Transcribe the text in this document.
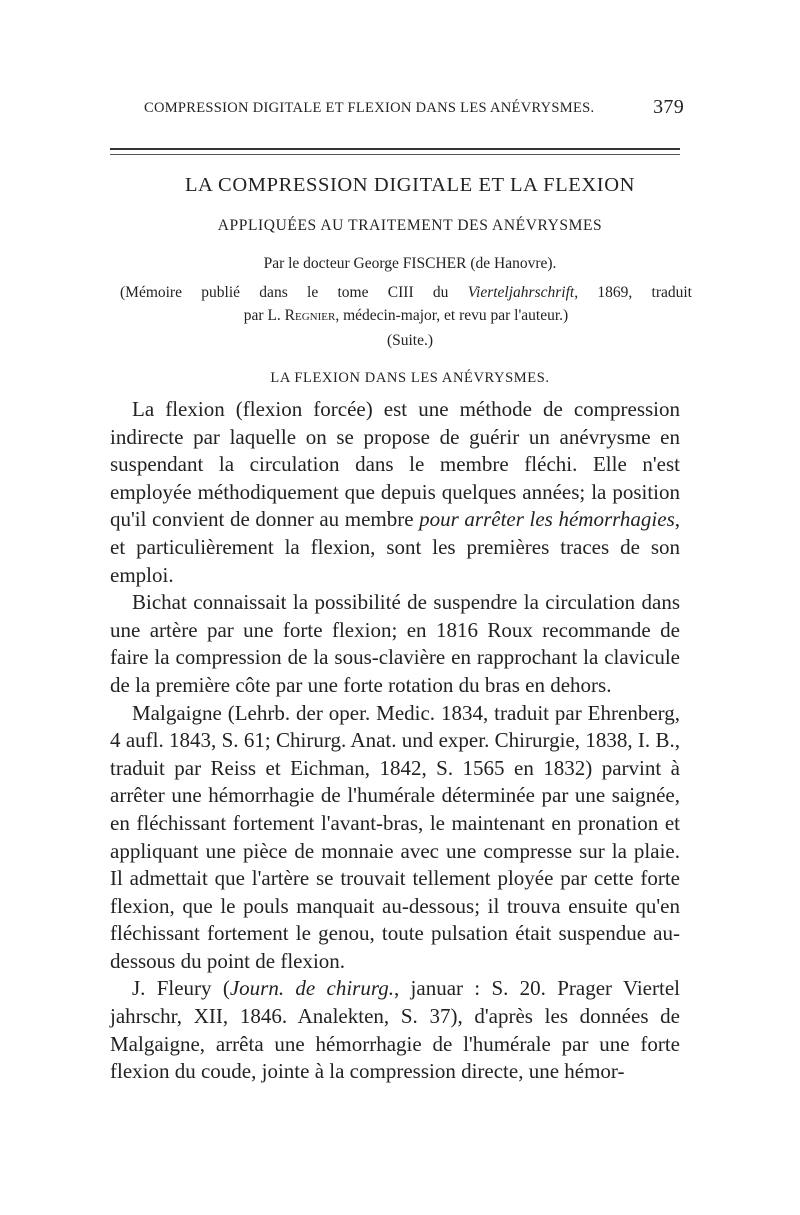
COMPRESSION DIGITALE ET FLEXION DANS LES ANÉVRYSMES.	379
LA COMPRESSION DIGITALE ET LA FLEXION
APPLIQUÉES AU TRAITEMENT DES ANÉVRYSMES
Par le docteur George FISCHER (de Hanovre).
(Mémoire publié dans le tome CIII du Vierteljahrschrift, 1869, traduit
par L. Regnier, médecin-major, et revu par l'auteur.)
(Suite.)
LA FLEXION DANS LES ANÉVRYSMES.

La flexion (flexion forcée) est une méthode de compression indirecte par laquelle on se propose de guérir un anévrysme en suspendant la circulation dans le membre fléchi. Elle n'est employée méthodiquement que depuis quelques années; la position qu'il convient de donner au membre pour arrêter les hémorrhagies, et particulièrement la flexion, sont les premières traces de son emploi.

Bichat connaissait la possibilité de suspendre la circulation dans une artère par une forte flexion; en 1816 Roux recommande de faire la compression de la sous-clavière en rapprochant la clavicule de la première côte par une forte rotation du bras en dehors.

Malgaigne (Lehrb. der oper. Medic. 1834, traduit par Ehrenberg, 4 aufl. 1843, S. 61; Chirurg. Anat. und exper. Chirurgie, 1838, I. B., traduit par Reiss et Eichman, 1842, S. 1565 en 1832) parvint à arrêter une hémorrhagie de l'humérale déterminée par une saignée, en fléchissant fortement l'avant-bras, le maintenant en pronation et appliquant une pièce de monnaie avec une compresse sur la plaie. Il admettait que l'artère se trouvait tellement ployée par cette forte flexion, que le pouls manquait au-dessous; il trouva ensuite qu'en fléchissant fortement le genou, toute pulsation était suspendue au-dessous du point de flexion.

J. Fleury (Journ. de chirurg., januar : S. 20. Prager Viertel jahrschr, XII, 1846. Analekten, S. 37), d'après les données de Malgaigne, arrêta une hémorrhagie de l'humérale par une forte flexion du coude, jointe à la compression directe, une hémor-
